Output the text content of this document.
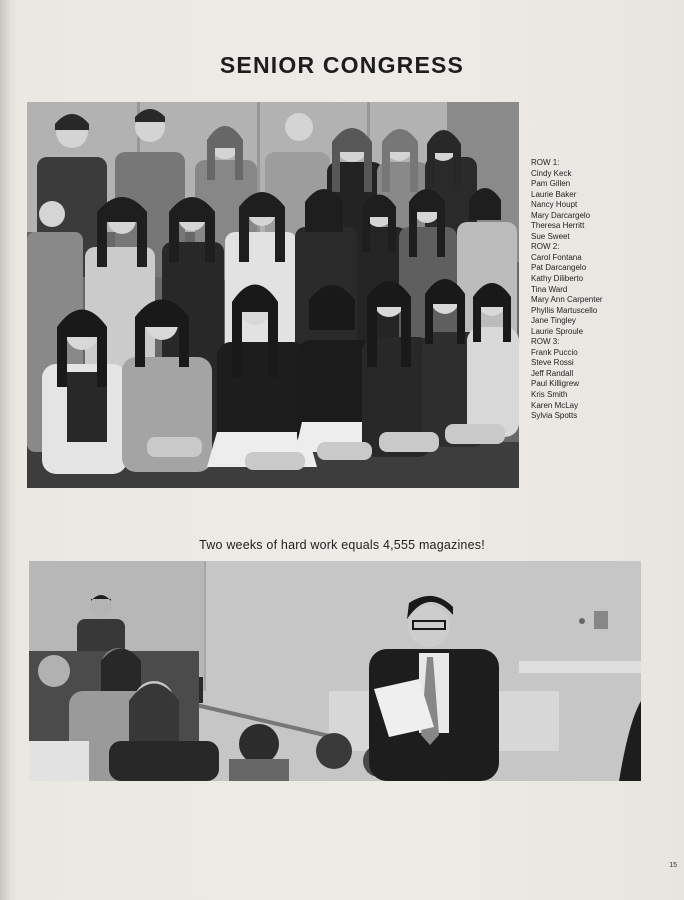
SENIOR CONGRESS
ROW 1:
Cindy Keck
Pam Gillen
Laurie Baker
Nancy Houpt
Mary Darcargelo
Theresa Herritt
Sue Sweet
ROW 2:
Carol Fontana
Pat Darcangelo
Kathy Diliberto
Tina Ward
Mary Ann Carpenter
Phyllis Martuscello
Jane Tingley
Laurie Sproule
ROW 3:
Frank Puccio
Steve Rossi
Jeff Randall
Paul Killigrew
Kris Smith
Karen McLay
Sylvia Spotts
Two weeks of hard work equals 4,555 magazines!
15
